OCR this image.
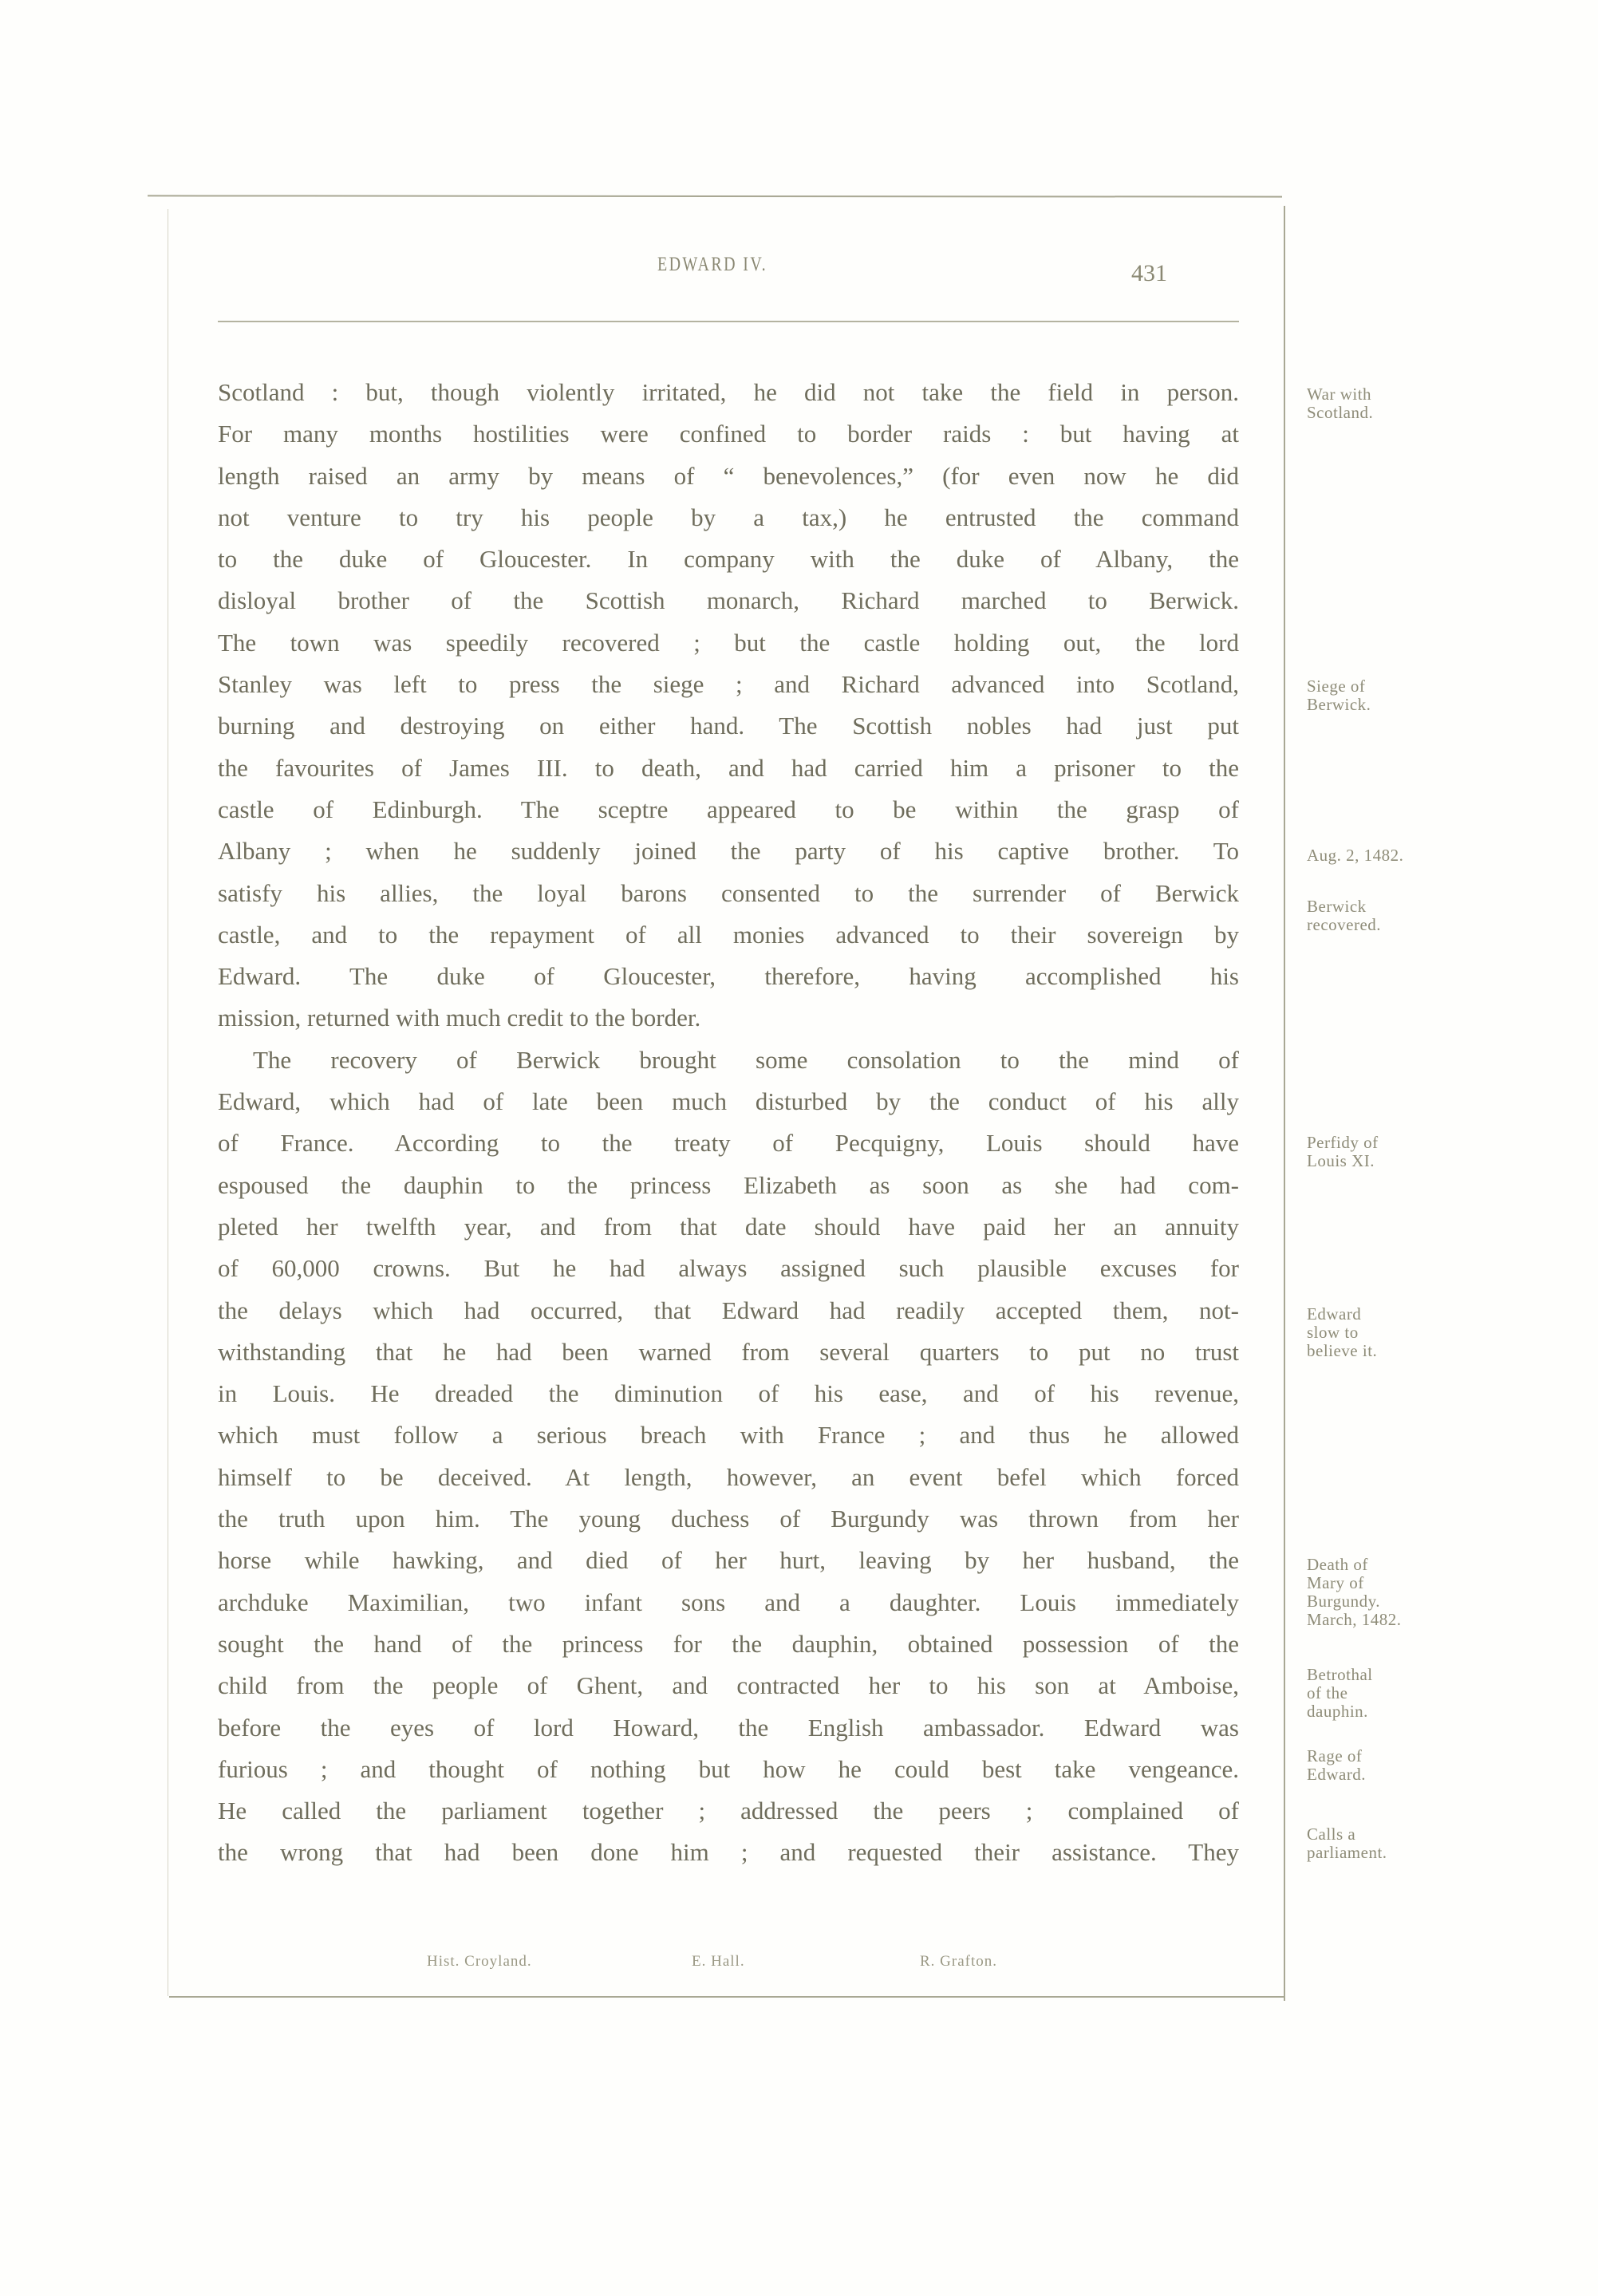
EDWARD IV.	431
Scotland : but, though violently irritated, he did not take the field in person.
For many months hostilities were confined to border raids : but having at
length raised an army by means of “ benevolences,” (for even now he did
not venture to try his people by a tax,) he entrusted the command
to the duke of Gloucester. In company with the duke of Albany, the
disloyal brother of the Scottish monarch, Richard marched to Berwick.
The town was speedily recovered ; but the castle holding out, the lord
Stanley was left to press the siege ; and Richard advanced into Scotland,
burning and destroying on either hand. The Scottish nobles had just put
the favourites of James III. to death, and had carried him a prisoner to the
castle of Edinburgh. The sceptre appeared to be within the grasp of
Albany ; when he suddenly joined the party of his captive brother. To
satisfy his allies, the loyal barons consented to the surrender of Berwick
castle, and to the repayment of all monies advanced to their sovereign by
Edward. The duke of Gloucester, therefore, having accomplished his
mission, returned with much credit to the border.
The recovery of Berwick brought some consolation to the mind of
Edward, which had of late been much disturbed by the conduct of his ally
of France. According to the treaty of Pecquigny, Louis should have
espoused the dauphin to the princess Elizabeth as soon as she had com-
pleted her twelfth year, and from that date should have paid her an annuity
of 60,000 crowns. But he had always assigned such plausible excuses for
the delays which had occurred, that Edward had readily accepted them, not-
withstanding that he had been warned from several quarters to put no trust
in Louis. He dreaded the diminution of his ease, and of his revenue,
which must follow a serious breach with France ; and thus he allowed
himself to be deceived. At length, however, an event befel which forced
the truth upon him. The young duchess of Burgundy was thrown from her
horse while hawking, and died of her hurt, leaving by her husband, the
archduke Maximilian, two infant sons and a daughter. Louis immediately
sought the hand of the princess for the dauphin, obtained possession of the
child from the people of Ghent, and contracted her to his son at Amboise,
before the eyes of lord Howard, the English ambassador. Edward was
furious ; and thought of nothing but how he could best take vengeance.
He called the parliament together ; addressed the peers ; complained of
the wrong that had been done him ; and requested their assistance. They
War with
Scotland.
Siege of
Berwick.
Aug. 2, 1482.
Berwick
recovered.
Perfidy of
Louis XI.
Edward
slow to
believe it.
Death of
Mary of
Burgundy.
March, 1482.
Betrothal
of the
dauphin.
Rage of
Edward.
Calls a
parliament.
Hist. Croyland.	E. Hall.	R. Grafton.
